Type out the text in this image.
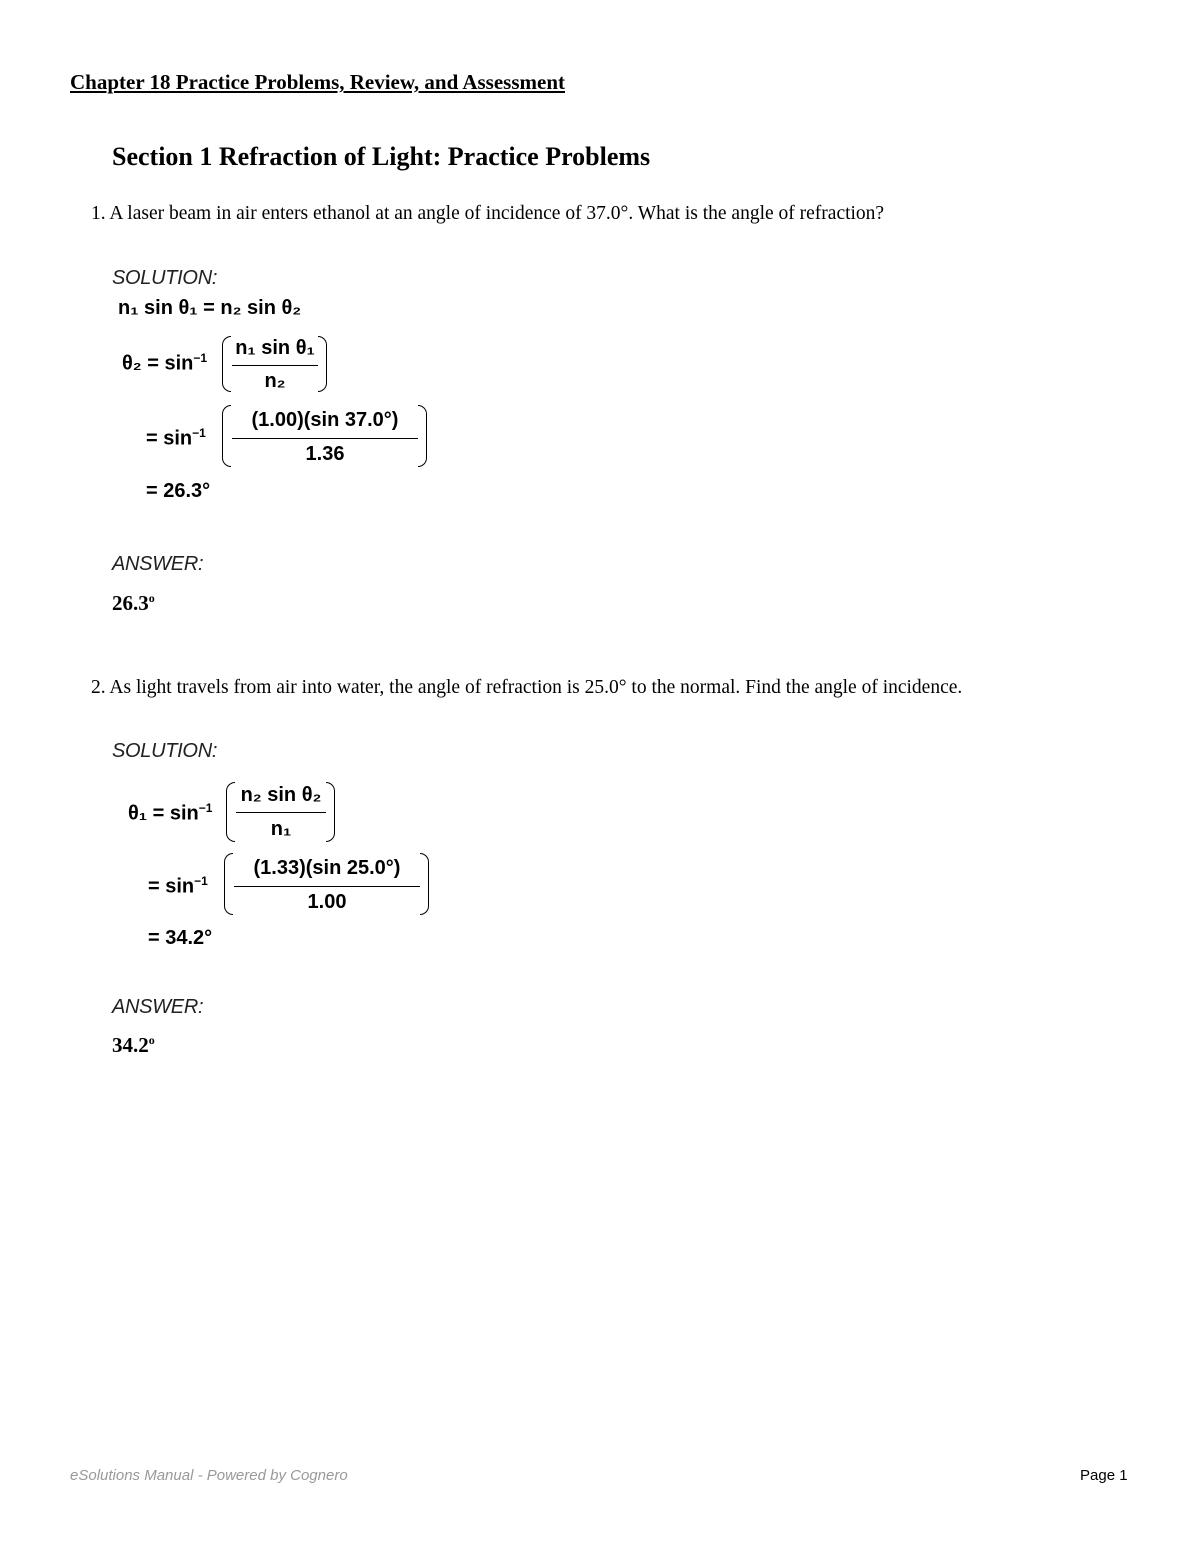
Chapter 18 Practice Problems, Review, and Assessment
Section 1 Refraction of Light: Practice Problems
1. A laser beam in air enters ethanol at an angle of incidence of 37.0°. What is the angle of refraction?
SOLUTION:
n₁ sin θ₁ = n₂ sin θ₂
$\theta_2 = \sin^{-1} n_1$ sin θ₁
n₂
= $\sin^{-1}$
(1.00)(sin 37.0°)
1.36
= 26.3°
ANSWER:
26.3$^o$
2. As light travels from air into water, the angle of refraction is 25.0° to the normal. Find the angle of incidence.
SOLUTION:
$\theta_1 = \sin^{-1}$
n₂ sin θ₂
n₁
= $\sin^{-1}$
(1.33)(sin 25.0°)
1.00
= 34.2°
ANSWER:
34.2$^o$
eSolutions Manual - Powered by Cognero	Page 1
